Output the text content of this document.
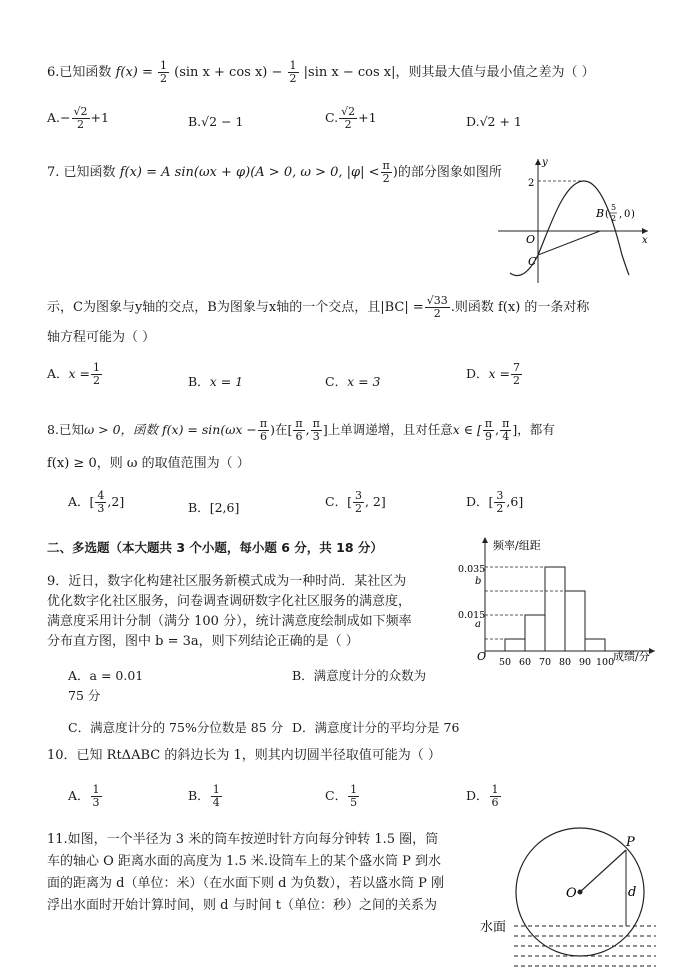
6.已知函数 $f(x) = \frac{1}{2} (\sin$ $x + \cos x) - \frac{1}{2} |\sin$ x − cos x|，则其最大值与最小值之差为（ ）
$A.- \frac{√2}{2} +1$	B.√2 − 1	C. $\frac{√2}{2} +1$	D.√2 + 1
7. 已知函数 f(x) = A sin(ωx + φ)(A > 0, ω > 0, $|\varphi| < \frac{\pi}{2}$ )的部分图象如图所
y
x
O
2
C
B (
5
2 , 0 )
示，C为图象与y轴的交点，B为图象与x轴的一个交点，且$|BC| = \frac{√33}{2}$ .则函数 f(x) 的一条对称
轴方程可能为（ ）
A．$x = \frac{1}{2}$	B．x = 1	C．x = 3
D．$x = \frac{7}{2}$
8.已知ω > 0，函数 $f(x) = \sin(\omega x - \frac{\pi}{6}$ )在[ $\frac{\pi}{6}$ , $\frac{\pi}{3}$ ]上单调递增，且对任意x ∈ [ $\frac{\pi}{9}$ , $\frac{\pi}{4}$ ]，都有
f(x) ≥ 0，则 ω 的取值范围为（ ）
A．[ $\frac{4}{3} ,2$]	B．[2,6]	C．[ $\frac{3}{2}$ , 2]	D．[ $\frac{3}{2} ,6$]
二、多选题（本大题共 3 个小题，每小题 6 分，共 18 分）
9．近日，数字化构建社区服务新模式成为一种时尚．某社区为
优化数字化社区服务，问卷调查调研数字化社区服务的满意度，
满意度采用计分制（满分 100 分），统计满意度绘制成如下频率
分布直方图，图中 b = 3a，则下列结论正确的是（ ）
A．a = 0.01	B．满意度计分的众数为
75 分
C．满意度计分的 75%分位数是 85 分 D．满意度计分的平均分是 76
频率/组距
成绩/分
O
0.035
b
0.015
a
50 60 70 80 90 100
10．已知 RtΔABC 的斜边长为 1，则其内切圆半径取值可能为（ ）
A． $\frac{1}{3}$	B． $\frac{1}{4}$	C． $\frac{1}{5}$	D． $\frac{1}{6}$
11.如图，一个半径为 3 米的筒车按逆时针方向每分钟转 1.5 圈，筒
车的轴心 O 距离水面的高度为 1.5 米.设筒车上的某个盛水筒 P 到水
面的距离为 d（单位：米）（在水面下则 d 为负数），若以盛水筒 P 刚
浮出水面时开始计算时间，则 d 与时间 t（单位：秒）之间的关系为
水面
O
P
d
